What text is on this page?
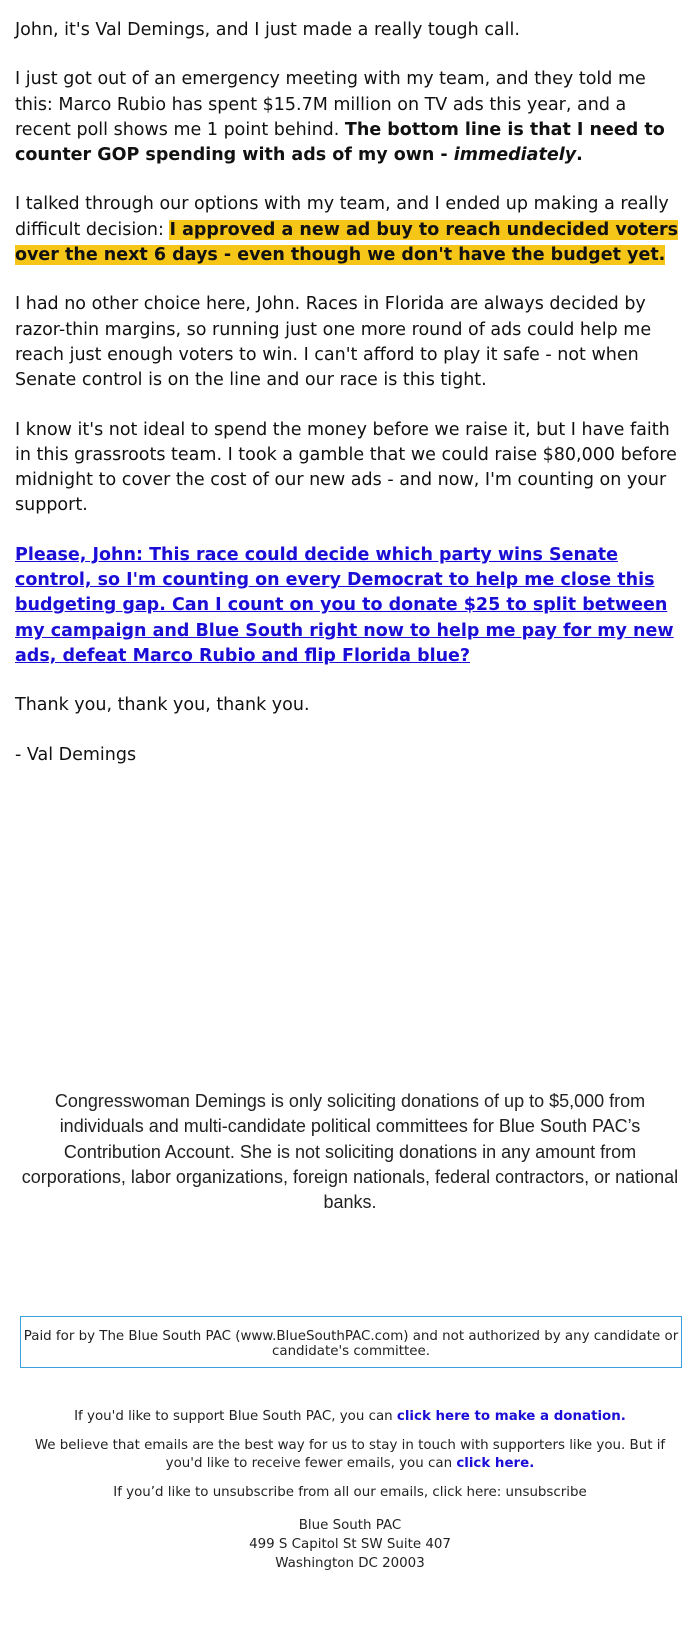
John, it's Val Demings, and I just made a really tough call.

I just got out of an emergency meeting with my team, and they told me this: Marco Rubio has spent $15.7M million on TV ads this year, and a recent poll shows me 1 point behind. The bottom line is that I need to counter GOP spending with ads of my own - immediately.

I talked through our options with my team, and I ended up making a really difficult decision: I approved a new ad buy to reach undecided voters over the next 6 days - even though we don't have the budget yet.

I had no other choice here, John. Races in Florida are always decided by razor-thin margins, so running just one more round of ads could help me reach just enough voters to win. I can't afford to play it safe - not when Senate control is on the line and our race is this tight.

I know it's not ideal to spend the money before we raise it, but I have faith in this grassroots team. I took a gamble that we could raise $80,000 before midnight to cover the cost of our new ads - and now, I'm counting on your support.

Please, John: This race could decide which party wins Senate control, so I'm counting on every Democrat to help me close this budgeting gap. Can I count on you to donate $25 to split between my campaign and Blue South right now to help me pay for my new ads, defeat Marco Rubio and flip Florida blue?

Thank you, thank you, thank you.

- Val Demings

Congresswoman Demings is only soliciting donations of up to $5,000 from individuals and multi-candidate political committees for Blue South PAC’s Contribution Account. She is not soliciting donations in any amount from corporations, labor organizations, foreign nationals, federal contractors, or national banks.
Paid for by The Blue South PAC (www.BlueSouthPAC.com) and not authorized by any candidate or candidate's committee.

If you'd like to support Blue South PAC, you can click here to make a donation.

We believe that emails are the best way for us to stay in touch with supporters like you. But if you'd like to receive fewer emails, you can click here.

If you’d like to unsubscribe from all our emails, click here: unsubscribe

Blue South PAC
499 S Capitol St SW Suite 407
Washington DC 20003
